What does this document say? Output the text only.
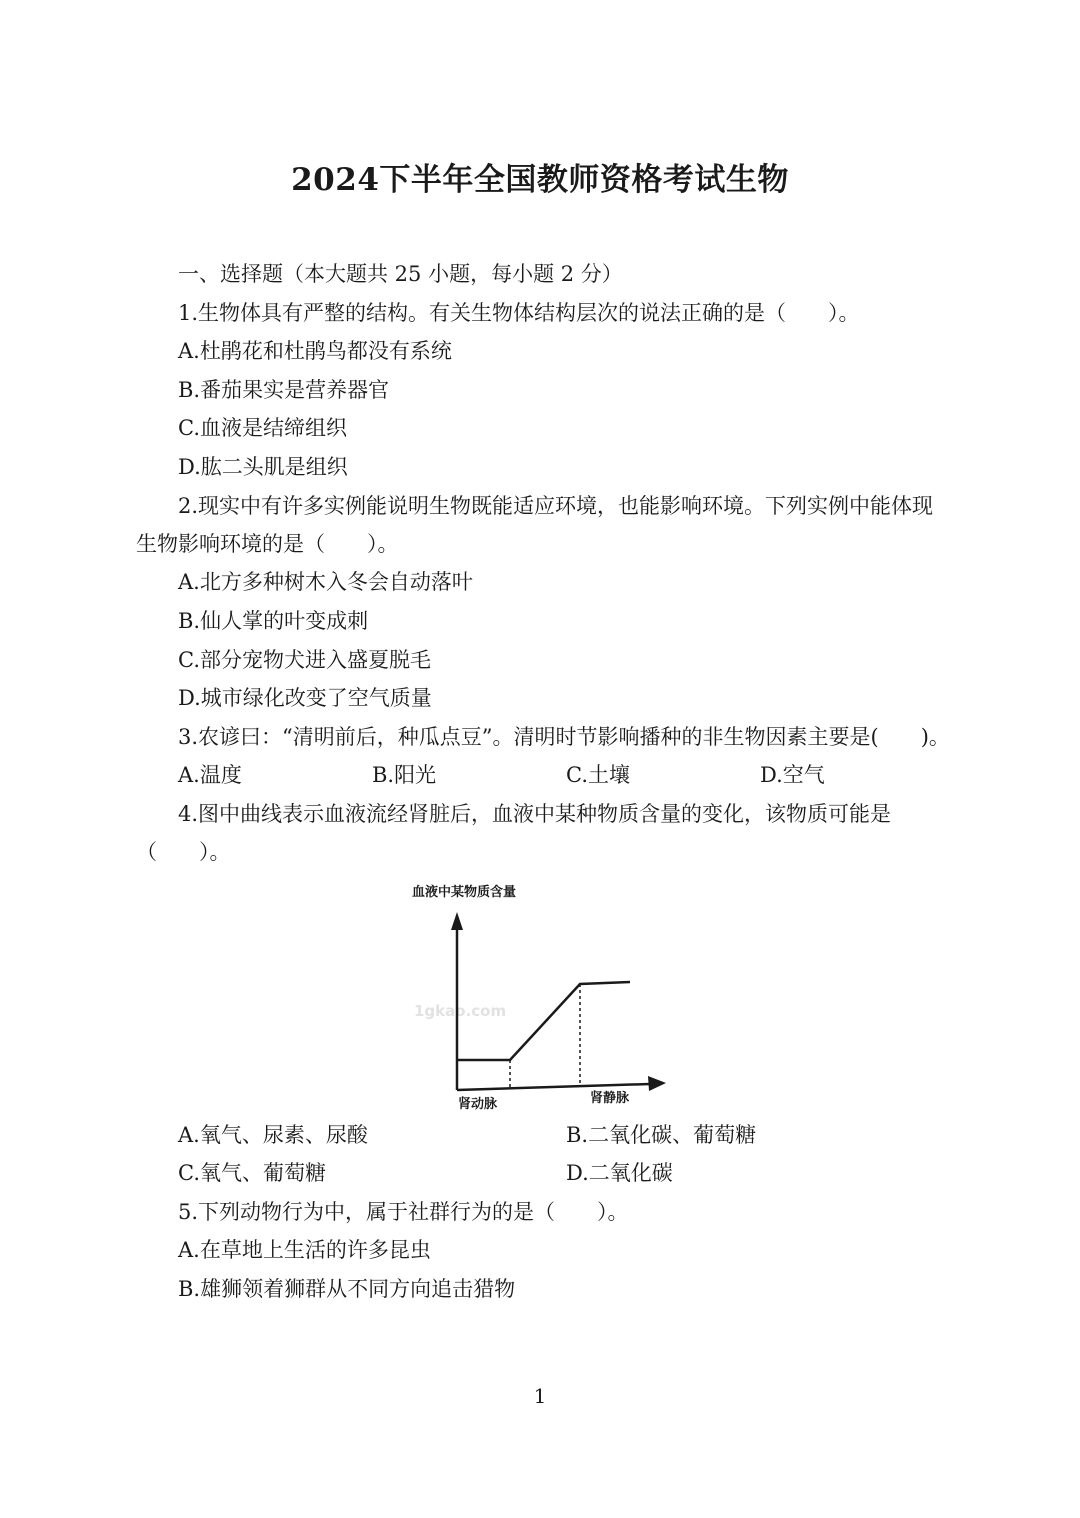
2024下半年全国教师资格考试生物
一、选择题（本大题共 25 小题，每小题 2 分）
1.生物体具有严整的结构。有关生物体结构层次的说法正确的是（　　）。
A.杜鹃花和杜鹃鸟都没有系统
B.番茄果实是营养器官
C.血液是结缔组织
D.肱二头肌是组织
2.现实中有许多实例能说明生物既能适应环境，也能影响环境。下列实例中能体现
生物影响环境的是（　　）。
A.北方多种树木入冬会自动落叶
B.仙人掌的叶变成刺
C.部分宠物犬进入盛夏脱毛
D.城市绿化改变了空气质量
3.农谚曰：“清明前后，种瓜点豆”。清明时节影响播种的非生物因素主要是(　　)。
A.温度	B.阳光	C.土壤	D.空气
4.图中曲线表示血液流经肾脏后，血液中某种物质含量的变化，该物质可能是
（　　）。
血液中某物质含量
1gkao.com
肾动脉	肾静脉
A.氧气、尿素、尿酸	B.二氧化碳、葡萄糖
C.氧气、葡萄糖	D.二氧化碳
5.下列动物行为中，属于社群行为的是（　　）。
A.在草地上生活的许多昆虫
B.雄狮领着狮群从不同方向追击猎物
1
